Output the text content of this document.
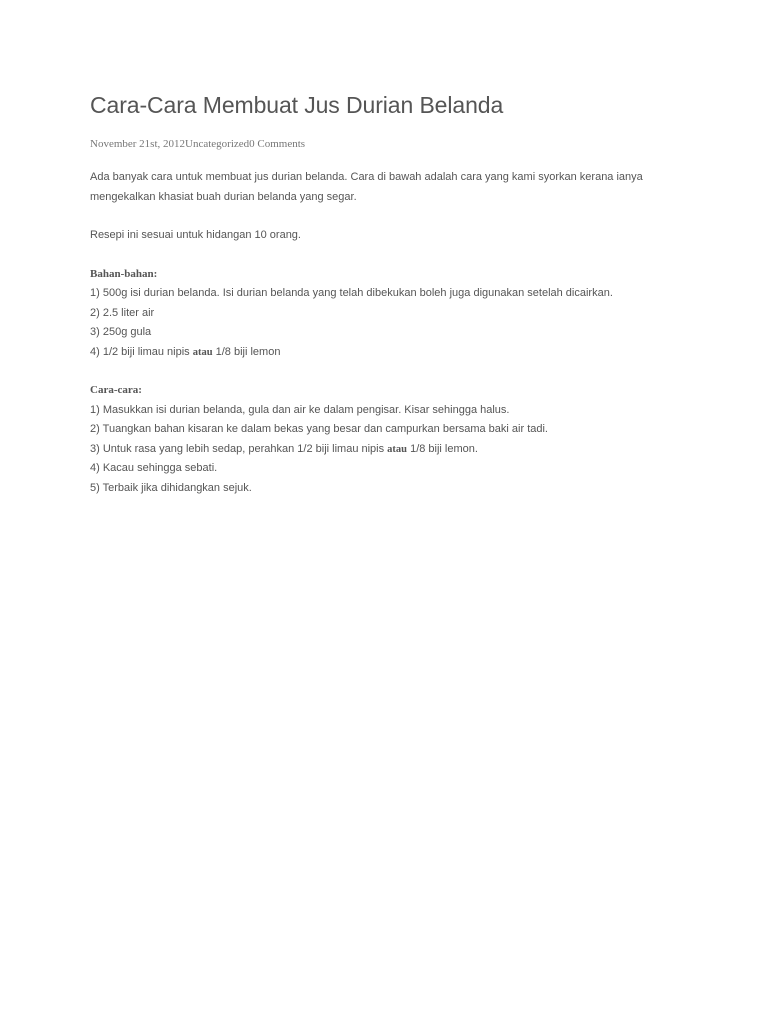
Cara-Cara Membuat Jus Durian Belanda
November 21st, 2012Uncategorized0 Comments

Ada banyak cara untuk membuat jus durian belanda. Cara di bawah adalah cara yang kami syorkan kerana ianya

mengekalkan khasiat buah durian belanda yang segar.

Resepi ini sesuai untuk hidangan 10 orang.

Bahan-bahan:
1) 500g isi durian belanda. Isi durian belanda yang telah dibekukan boleh juga digunakan setelah dicairkan.
2) 2.5 liter air
3) 250g gula
4) 1/2 biji limau nipis atau 1/8 biji lemon
Cara-cara:
1) Masukkan isi durian belanda, gula dan air ke dalam pengisar. Kisar sehingga halus.
2) Tuangkan bahan kisaran ke dalam bekas yang besar dan campurkan bersama baki air tadi.
3) Untuk rasa yang lebih sedap, perahkan 1/2 biji limau nipis atau 1/8 biji lemon.
4) Kacau sehingga sebati.
5) Terbaik jika dihidangkan sejuk.
